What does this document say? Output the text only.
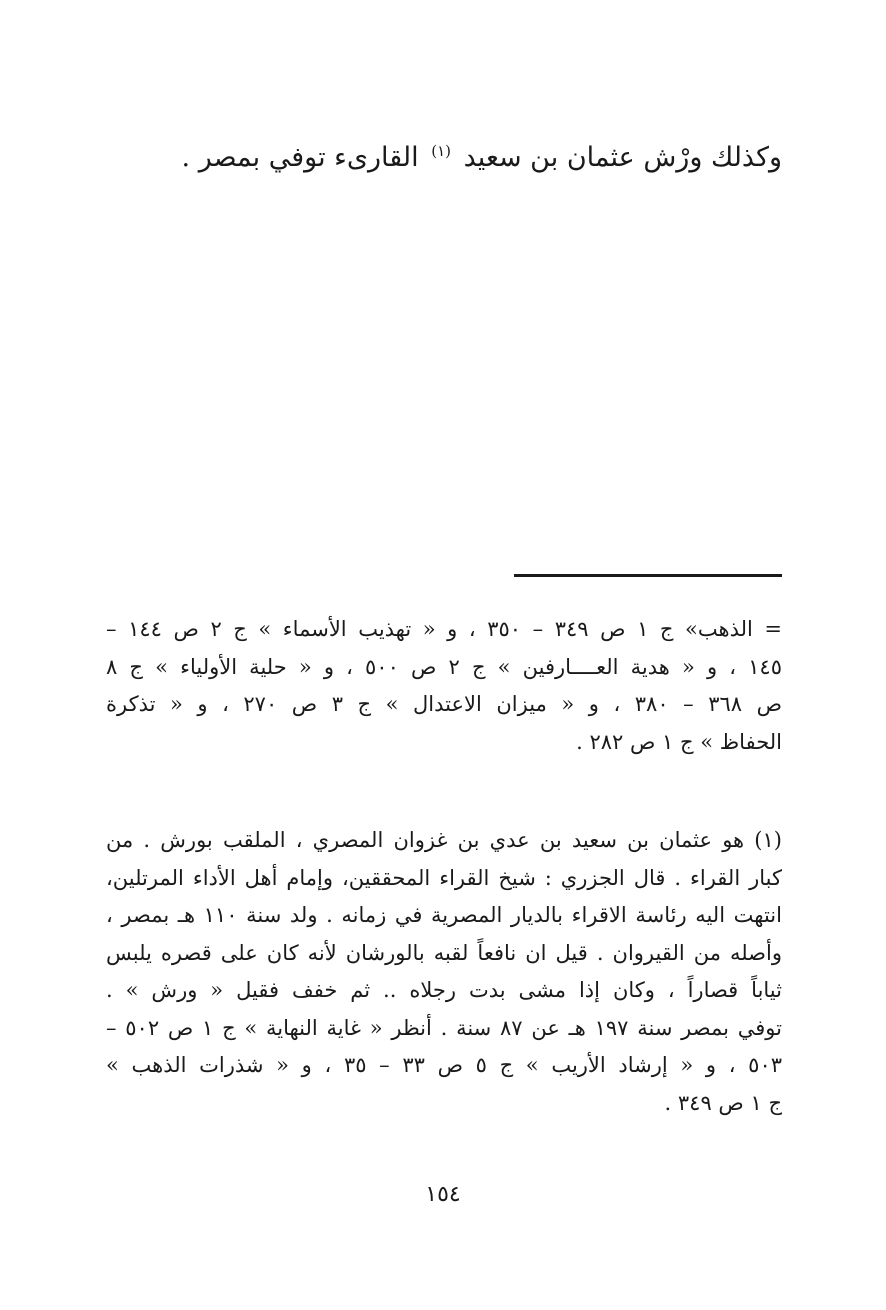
وكذلك ورْش عثمان بن سعيد $^{(١)}$ القارىء توفي بمصر .
= الذهب» ج ١ ص ٣٤٩ – ٣٥٠ ، و « تهذيب الأسماء » ج ٢ ص ١٤٤ –
١٤٥ ، و « هدية العــــارفين » ج ٢ ص ٥٠٠ ، و « حلية الأولياء » ج ٨
ص ٣٦٨ – ٣٨٠ ، و « ميزان الاعتدال » ج ٣ ص ٢٧٠ ، و « تذكرة
الحفاظ » ج ١ ص ٢٨٢ .
(١) هو عثمان بن سعيد بن عدي بن غزوان المصري ، الملقب بورش . من
كبار القراء . قال الجزري : شيخ القراء المحققين، وإمام أهل الأداء المرتلين،
انتهت اليه رئاسة الاقراء بالديار المصرية في زمانه . ولد سنة ١١٠ هـ بمصر ،
وأصله من القيروان . قيل ان نافعاً لقبه بالورشان لأنه كان على قصره يلبس
ثياباً قصاراً ، وكان إذا مشى بدت رجلاه .. ثم خفف فقيل « ورش » .
توفي بمصر سنة ١٩٧ هـ عن ٨٧ سنة . أنظر « غاية النهاية » ج ١ ص ٥٠٢ –
٥٠٣ ، و « إرشاد الأريب » ج ٥ ص ٣٣ – ٣٥ ، و « شذرات الذهب »
ج ١ ص ٣٤٩ .
١٥٤
